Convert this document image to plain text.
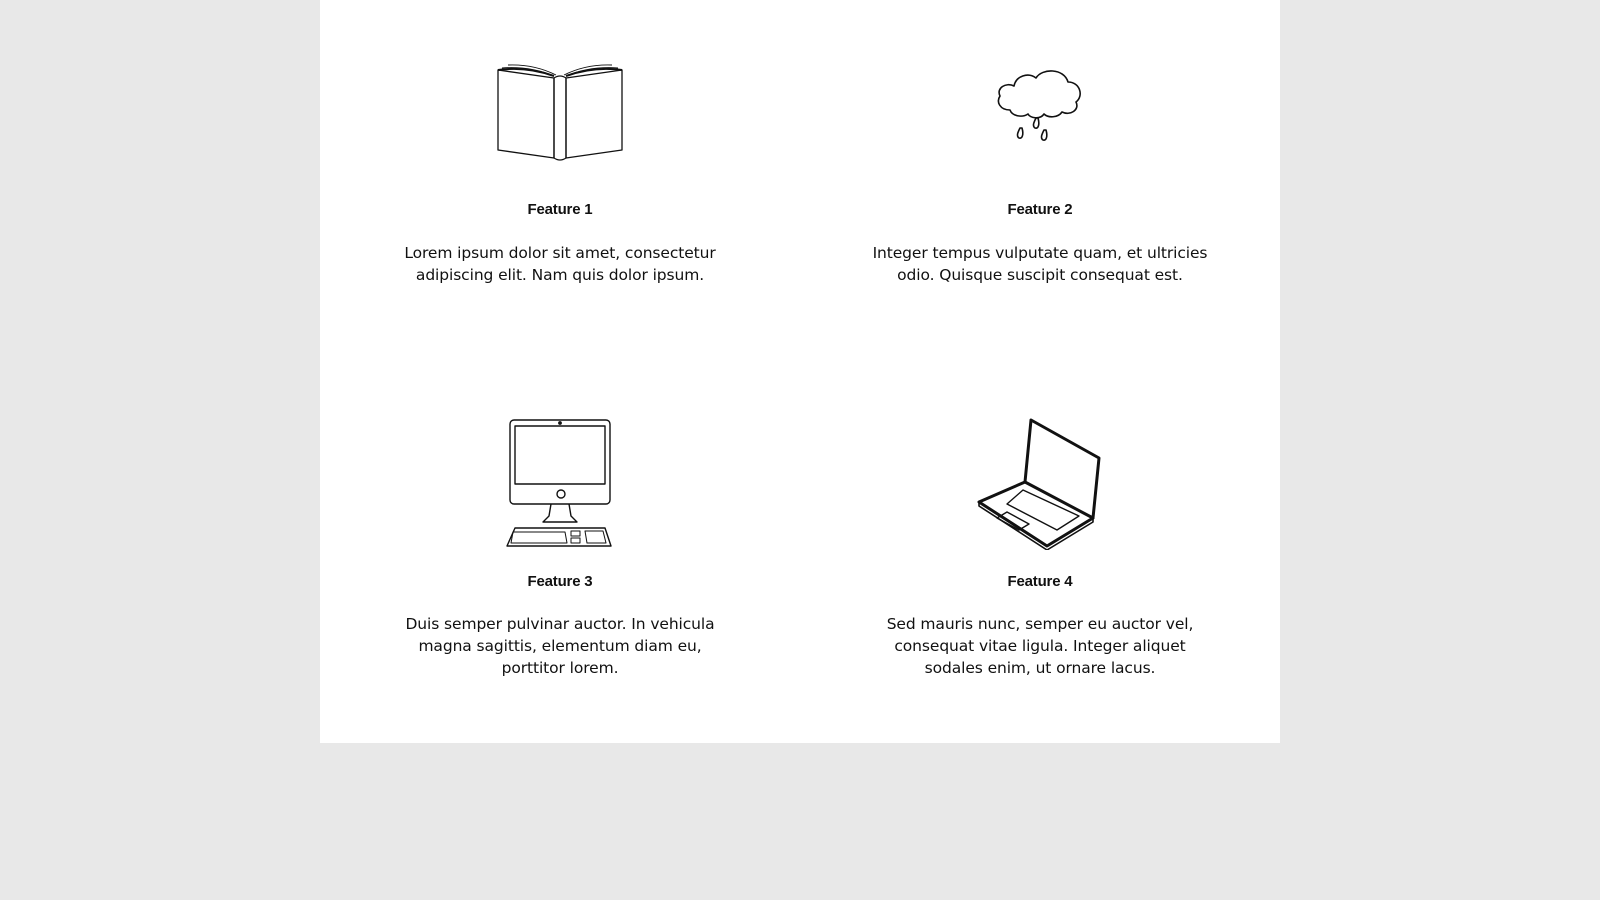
Feature 1
Lorem ipsum dolor sit amet, consectetur adipiscing elit. Nam quis dolor ipsum.
Feature 2
Integer tempus vulputate quam, et ultricies odio. Quisque suscipit consequat est.
Feature 3
Duis semper pulvinar auctor. In vehicula magna sagittis, elementum diam eu, porttitor lorem.
Feature 4
Sed mauris nunc, semper eu auctor vel, consequat vitae ligula. Integer aliquet sodales enim, ut ornare lacus.
